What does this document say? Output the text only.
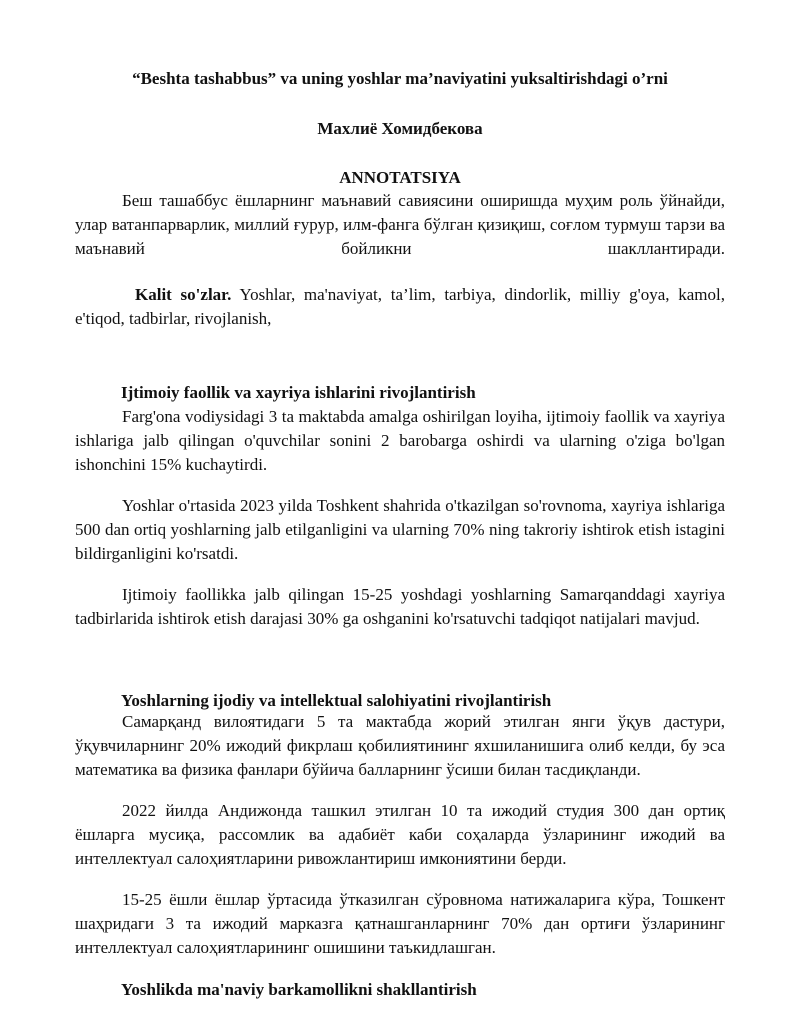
“Beshta tashabbus” va uning yoshlar ma’naviyatini yuksaltirishdagi o’rni

Махлиё Хомидбекова

ANNOTATSIYA

Беш ташаббус ёшларнинг маънавий савиясини оширишда муҳим роль ўйнайди, улар ватанпарварлик, миллий ғурур, илм-фанга бўлган қизиқиш, соғлом турмуш тарзи ва маънавий бойликни шакллантиради.

Kalit so'zlar. Yoshlar, ma'naviyat, ta’lim, tarbiya, dindorlik, milliy g'oya, kamol, e'tiqod, tadbirlar, rivojlanish,

Ijtimoiy faollik va xayriya ishlarini rivojlantirish

Farg'ona vodiysidagi 3 ta maktabda amalga oshirilgan loyiha, ijtimoiy faollik va xayriya ishlariga jalb qilingan o'quvchilar sonini 2 barobarga oshirdi va ularning o'ziga bo'lgan ishonchini 15% kuchaytirdi.

Yoshlar o'rtasida 2023 yilda Toshkent shahrida o'tkazilgan so'rovnoma, xayriya ishlariga 500 dan ortiq yoshlarning jalb etilganligini va ularning 70% ning takroriy ishtirok etish istagini bildirganligini ko'rsatdi.

Ijtimoiy faollikka jalb qilingan 15-25 yoshdagi yoshlarning Samarqanddagi xayriya tadbirlarida ishtirok etish darajasi 30% ga oshganini ko'rsatuvchi tadqiqot natijalari mavjud.

Yoshlarning ijodiy va intellektual salohiyatini rivojlantirish

Самарқанд вилоятидаги 5 та мактабда жорий этилган янги ўқув дастури, ўқувчиларнинг 20% ижодий фикрлаш қобилиятининг яхшиланишига олиб келди, бу эса математика ва физика фанлари бўйича балларнинг ўсиши билан тасдиқланди.

2022 йилда Андижонда ташкил этилган 10 та ижодий студия 300 дан ортиқ ёшларга мусиқа, рассомлик ва адабиёт каби соҳаларда ўзларининг ижодий ва интеллектуал салоҳиятларини ривожлантириш имкониятини берди.

15-25 ёшли ёшлар ўртасида ўтказилган сўровнома натижаларига кўра, Тошкент шаҳридаги 3 та ижодий марказга қатнашганларнинг 70% дан ортиғи ўзларининг интеллектуал салоҳиятларининг ошишини таъкидлашган.

Yoshlikda ma'naviy barkamollikni shakllantirish
